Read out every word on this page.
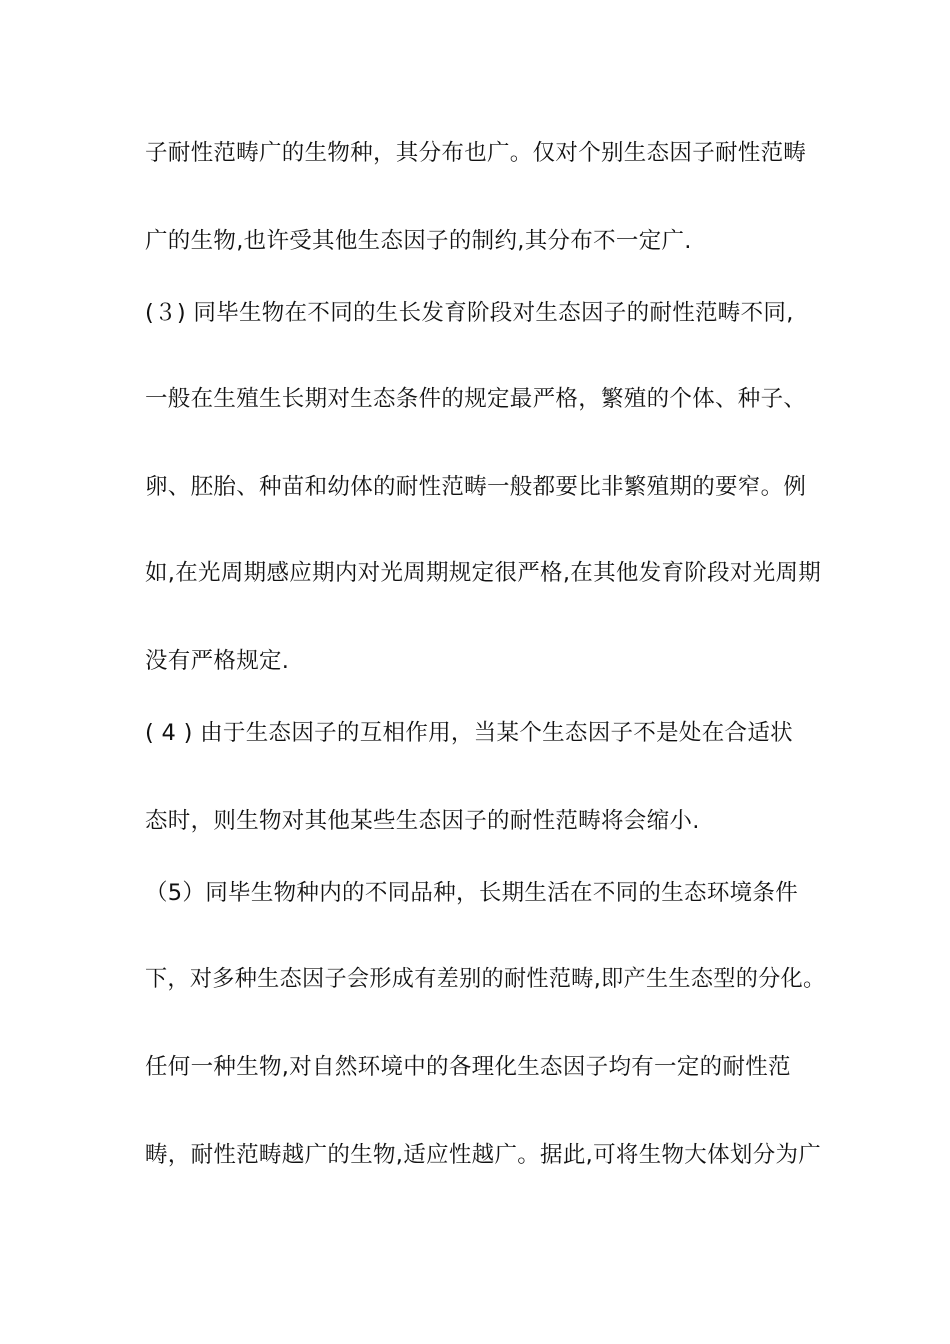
子耐性范畴广的生物种，其分布也广。仅对个别生态因子耐性范畴
广的生物,也许受其他生态因子的制约,其分布不一定广.
(３) 同毕生物在不同的生长发育阶段对生态因子的耐性范畴不同,
一般在生殖生长期对生态条件的规定最严格，繁殖的个体、种子、
卵、胚胎、种苗和幼体的耐性范畴一般都要比非繁殖期的要窄。例
如,在光周期感应期内对光周期规定很严格,在其他发育阶段对光周期
没有严格规定.
( 4 ) 由于生态因子的互相作用，当某个生态因子不是处在合适状
态时，则生物对其他某些生态因子的耐性范畴将会缩小.
（5）同毕生物种内的不同品种，长期生活在不同的生态环境条件
下，对多种生态因子会形成有差别的耐性范畴,即产生生态型的分化。
任何一种生物,对自然环境中的各理化生态因子均有一定的耐性范
畴，耐性范畴越广的生物,适应性越广。据此,可将生物大体划分为广
